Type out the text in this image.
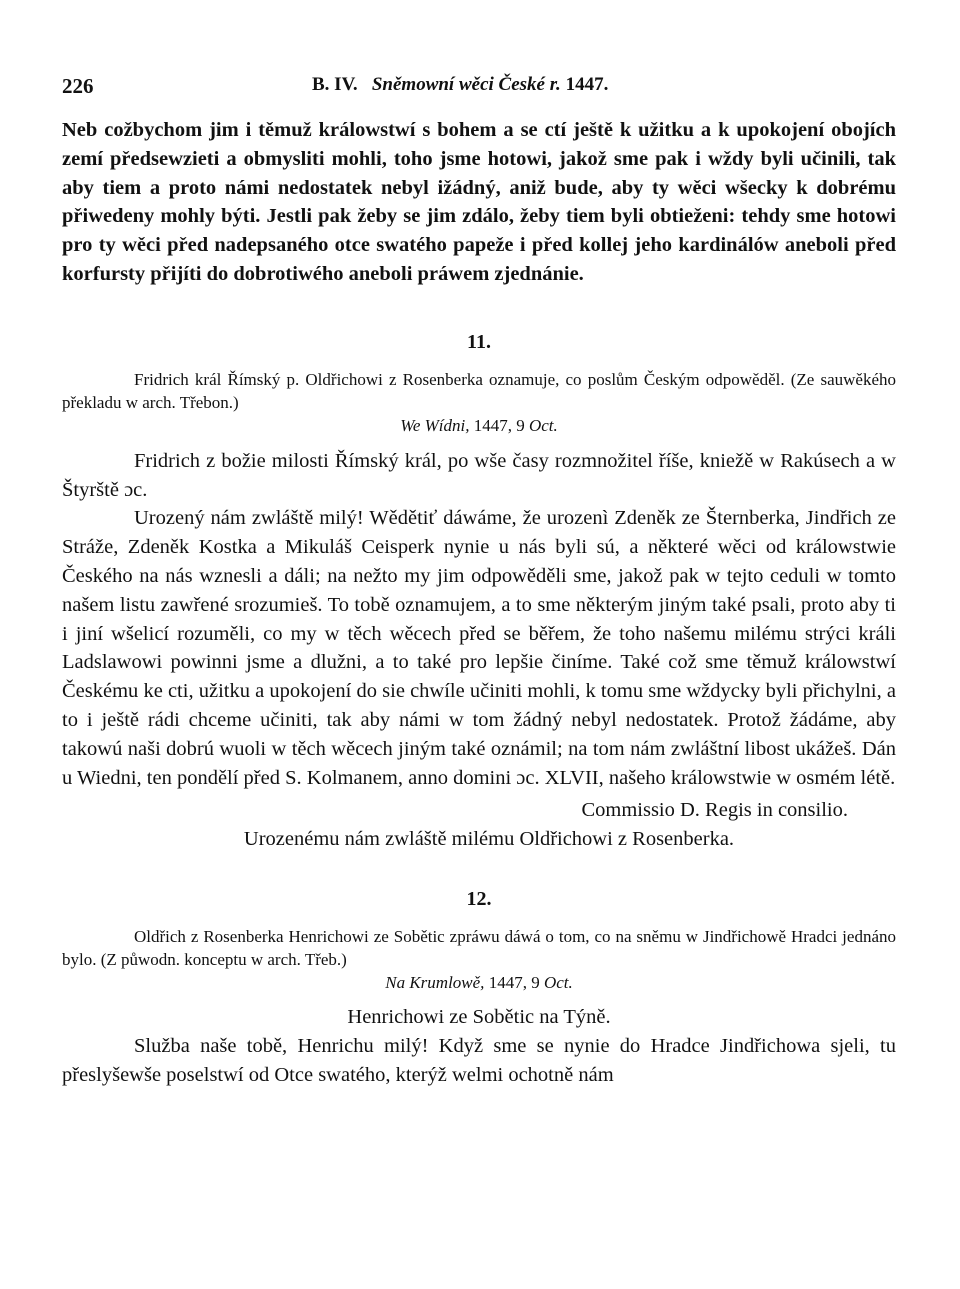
226	B. IV. Sněmowní wěci České r. 1447.

Neb cožbychom jim i těmuž králowstwí s bohem a se ctí ještě k užitku a k upokojení obojích zemí předsewzieti a obmysliti mohli, toho jsme hotowi, jakož sme pak i wždy byli učinili, tak aby tiem a proto námi nedostatek nebyl ižádný, aniž bude, aby ty wěci wšecky k dobrému přiwedeny mohly býti. Jestli pak žeby se jim zdálo, žeby tiem byli obtieženi: tehdy sme hotowi pro ty wěci před nadepsaného otce swatého papeže i před kollej jeho kardinálów aneboli před korfursty přijíti do dobrotiwého aneboli práwem zjednánie.

11.

Fridrich král Římský p. Oldřichowi z Rosenberka oznamuje, co poslům Českým odpowěděl. (Ze sauwěkého překladu w arch. Třebon.)

We Wídni, 1447, 9 Oct.

Fridrich z božie milosti Římský král, po wše časy rozmnožitel říše, kniežě w Rakúsech a w Štyrště ɔc.

Urozený nám zwláště milý! Wědětiť dáwáme, že urozenì Zdeněk ze Šternberka, Jindřich ze Stráže, Zdeněk Kostka a Mikuláš Ceisperk nynie u nás byli sú, a některé wěci od králowstwie Českého na nás wznesli a dáli; na nežto my jim odpowěděli sme, jakož pak w tejto ceduli w tomto našem listu zawřené srozumieš. To tobě oznamujem, a to sme některým jiným také psali, proto aby ti i jiní wšelicí rozuměli, co my w těch wěcech před se běřem, že toho našemu milému strýci králi Ladslawowi powinni jsme a dlužni, a to také pro lepšie činíme. Také což sme těmuž králowstwí Českému ke cti, užitku a upokojení do sie chwíle učiniti mohli, k tomu sme wždycky byli přichylni, a to i ještě rádi chceme učiniti, tak aby námi w tom žádný nebyl nedostatek. Protož žádáme, aby takowú naši dobrú wuoli w těch wěcech jiným také oznámil; na tom nám zwláštní libost ukážeš. Dán u Wiedni, ten pondělí před S. Kolmanem, anno domini ɔc. XLVII, našeho králowstwie w osmém létě.

Commissio D. Regis in consilio.
Urozenému nám zwláště milému Oldřichowi z Rosenberka.
12.

Oldřich z Rosenberka Henrichowi ze Sobětic zpráwu dáwá o tom, co na sněmu w Jindřichowě Hradci jednáno bylo. (Z půwodn. konceptu w arch. Třeb.)

Na Krumlowě, 1447, 9 Oct.
Henrichowi ze Sobětic na Týně.

Služba naše tobě, Henrichu milý! Když sme se nynie do Hradce Jindřichowa sjeli, tu přeslyšewše poselstwí od Otce swatého, kterýž welmi ochotně nám
